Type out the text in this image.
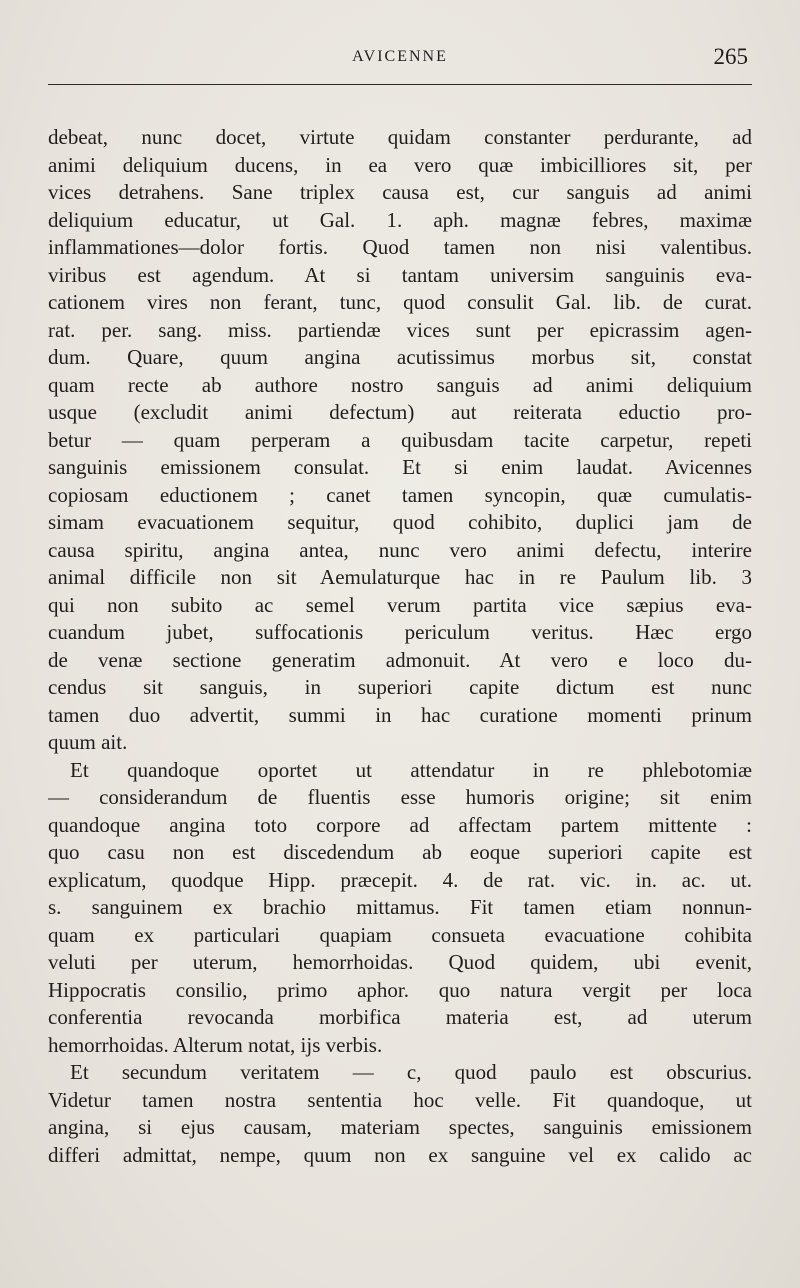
AVICENNE	265
debeat, nunc docet, virtute quidam constanter perdurante, ad
animi deliquium ducens, in ea vero quæ imbicilliores sit, per
vices detrahens. Sane triplex causa est, cur sanguis ad animi
deliquium educatur, ut Gal. 1. aph. magnæ febres, maximæ
inflammationes—dolor fortis. Quod tamen non nisi valentibus.
viribus est agendum. At si tantam universim sanguinis eva-
cationem vires non ferant, tunc, quod consulit Gal. lib. de curat.
rat. per. sang. miss. partiendæ vices sunt per epicrassim agen-
dum. Quare, quum angina acutissimus morbus sit, constat
quam recte ab authore nostro sanguis ad animi deliquium
usque (excludit animi defectum) aut reiterata eductio pro-
betur — quam perperam a quibusdam tacite carpetur, repeti
sanguinis emissionem consulat. Et si enim laudat. Avicennes
copiosam eductionem ; canet tamen syncopin, quæ cumulatis-
simam evacuationem sequitur, quod cohibito, duplici jam de
causa spiritu, angina antea, nunc vero animi defectu, interire
animal difficile non sit Aemulaturque hac in re Paulum lib. 3
qui non subito ac semel verum partita vice sæpius eva-
cuandum jubet, suffocationis periculum veritus. Hæc ergo
de venæ sectione generatim admonuit. At vero e loco du-
cendus sit sanguis, in superiori capite dictum est nunc
tamen duo advertit, summi in hac curatione momenti prinum
quum ait.
Et quandoque oportet ut attendatur in re phlebotomiæ
— considerandum de fluentis esse humoris origine; sit enim
quandoque angina toto corpore ad affectam partem mittente :
quo casu non est discedendum ab eoque superiori capite est
explicatum, quodque Hipp. præcepit. 4. de rat. vic. in. ac. ut.
s. sanguinem ex brachio mittamus. Fit tamen etiam nonnun-
quam ex particulari quapiam consueta evacuatione cohibita
veluti per uterum, hemorrhoidas. Quod quidem, ubi evenit,
Hippocratis consilio, primo aphor. quo natura vergit per loca
conferentia revocanda morbifica materia est, ad uterum
hemorrhoidas. Alterum notat, ijs verbis.
Et secundum veritatem — c, quod paulo est obscurius.
Videtur tamen nostra sententia hoc velle. Fit quandoque, ut
angina, si ejus causam, materiam spectes, sanguinis emissionem
differi admittat, nempe, quum non ex sanguine vel ex calido ac
